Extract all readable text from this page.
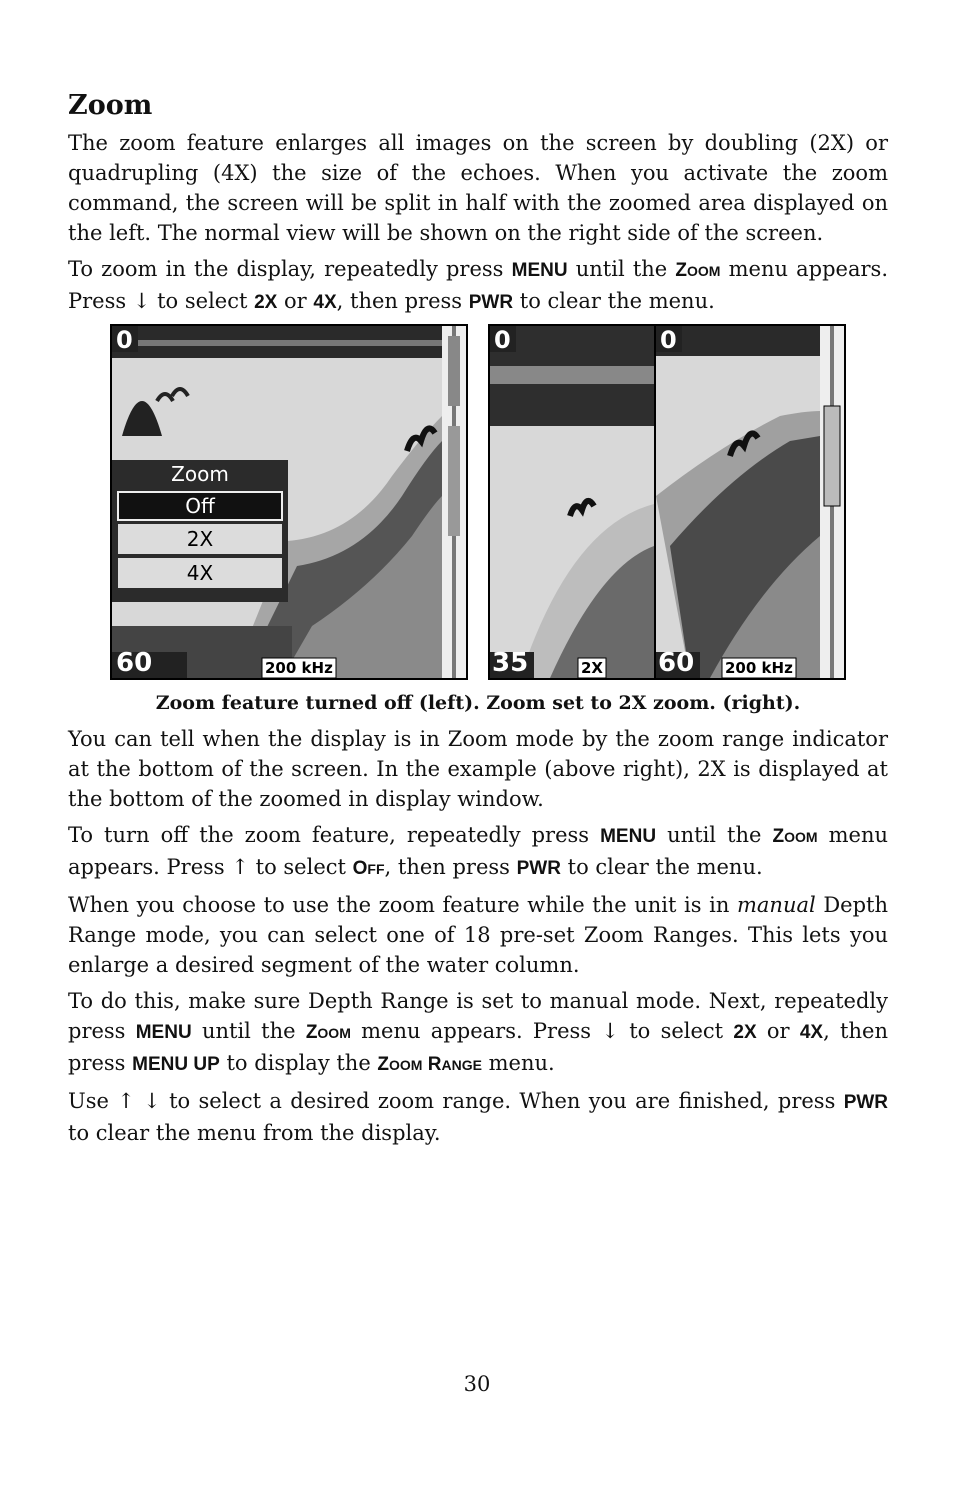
Zoom

The zoom feature enlarges all images on the screen by doubling (2X) or quadrupling (4X) the size of the echoes. When you activate the zoom command, the screen will be split in half with the zoomed area displayed on the left. The normal view will be shown on the right side of the screen.

To zoom in the display, repeatedly press MENU until the ZOOM menu appears. Press ↓ to select 2X or 4X, then press PWR to clear the menu.

0
60	200 kHz
Zoom
Off
2X
4X
0	0
35	2X 60 200 kHz
Zoom feature turned off (left). Zoom set to 2X zoom. (right).

You can tell when the display is in Zoom mode by the zoom range indicator at the bottom of the screen. In the example (above right), 2X is displayed at the bottom of the zoomed in display window.

To turn off the zoom feature, repeatedly press MENU until the ZOOM menu appears. Press ↑ to select OFF, then press PWR to clear the menu.

When you choose to use the zoom feature while the unit is in manual Depth Range mode, you can select one of 18 pre-set Zoom Ranges. This lets you enlarge a desired segment of the water column.

To do this, make sure Depth Range is set to manual mode. Next, repeatedly press MENU until the ZOOM menu appears. Press ↓ to select 2X or 4X, then press MENU UP to display the ZOOM RANGE menu.

Use ↑ ↓ to select a desired zoom range. When you are finished, press PWR to clear the menu from the display.

30
